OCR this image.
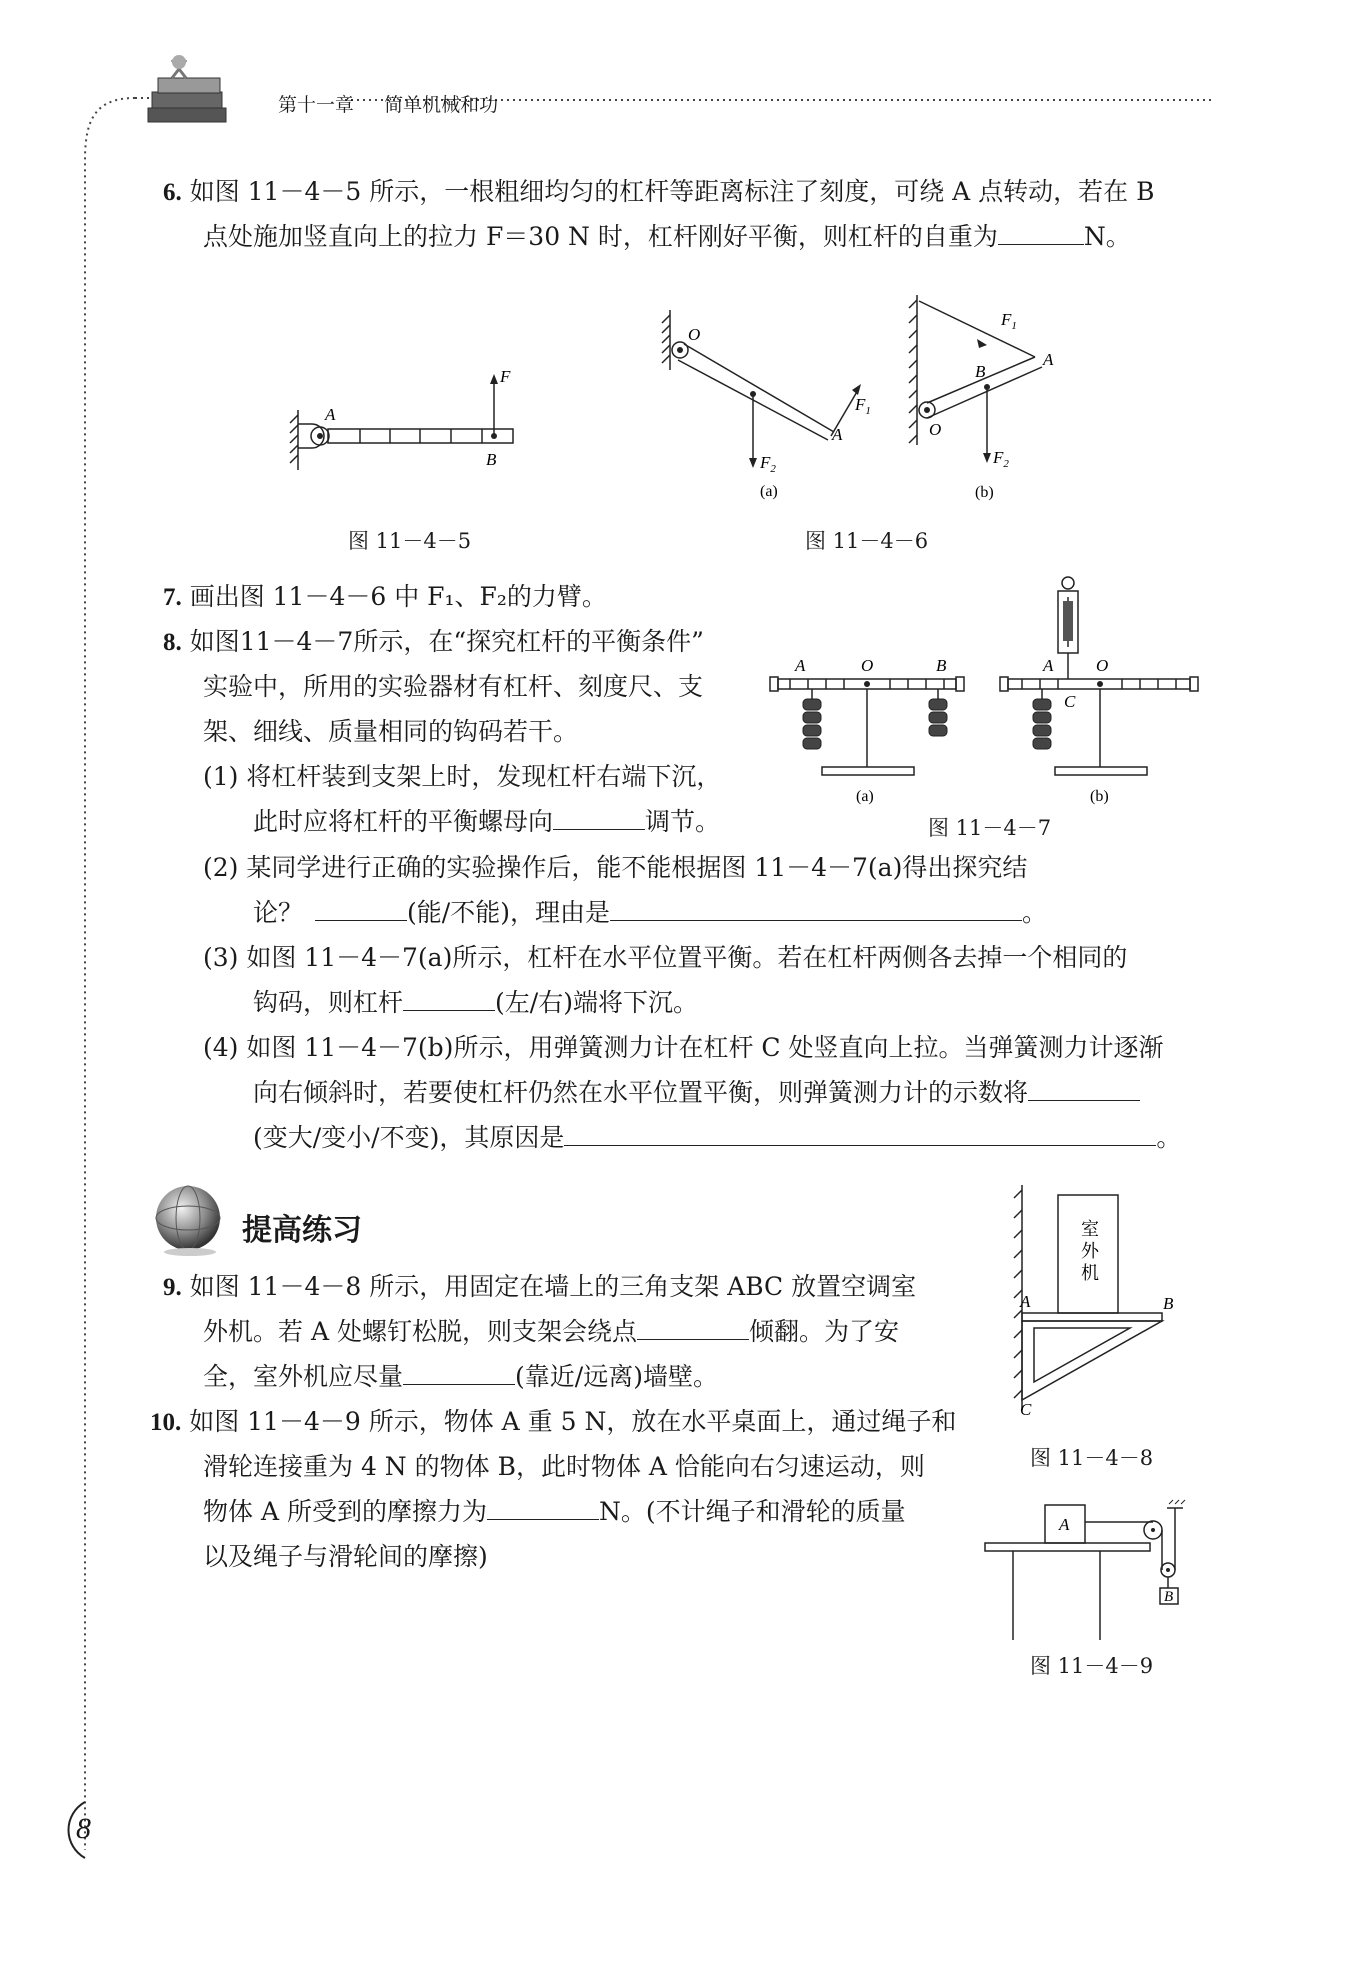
第十一章 简单机械和功
6. 如图 11－4－5 所示，一根粗细均匀的杠杆等距离标注了刻度，可绕 A 点转动，若在 B
点处施加竖直向上的拉力 F＝30 N 时，杠杆刚好平衡，则杠杆的自重为	N。
A
B
F
图 11－4－5
O
A
$F_1$
$F_2$
(a)
$F_1$
A
B
O
$F_2$
(b)
图 11－4－6
7. 画出图 11－4－6 中 F₁、F₂的力臂。
8. 如图11－4－7所示，在“探究杠杆的平衡条件”
实验中，所用的实验器材有杠杆、刻度尺、支
架、细线、质量相同的钩码若干。
(1) 将杠杆装到支架上时，发现杠杆右端下沉，
此时应将杠杆的平衡螺母向	调节。
A	O	B
(a)
A	O
C
(b)
图 11－4－7
(2) 某同学进行正确的实验操作后，能不能根据图 11－4－7(a)得出探究结
论？	(能/不能)，理由是	。
(3) 如图 11－4－7(a)所示，杠杆在水平位置平衡。若在杠杆两侧各去掉一个相同的
钩码，则杠杆	(左/右)端将下沉。
(4) 如图 11－4－7(b)所示，用弹簧测力计在杠杆 C 处竖直向上拉。当弹簧测力计逐渐
向右倾斜时，若要使杠杆仍然在水平位置平衡，则弹簧测力计的示数将
(变大/变小/不变)，其原因是	。
提高练习
9. 如图 11－4－8 所示，用固定在墙上的三角支架 ABC 放置空调室
外机。若 A 处螺钉松脱，则支架会绕点	倾翻。为了安
全，室外机应尽量	(靠近/远离)墙壁。
室
外
机
A	B
C
图 11－4－8
10. 如图 11－4－9 所示，物体 A 重 5 N，放在水平桌面上，通过绳子和
滑轮连接重为 4 N 的物体 B，此时物体 A 恰能向右匀速运动，则
物体 A 所受到的摩擦力为	N。(不计绳子和滑轮的质量
以及绳子与滑轮间的摩擦)
A
B
图 11－4－9
8
